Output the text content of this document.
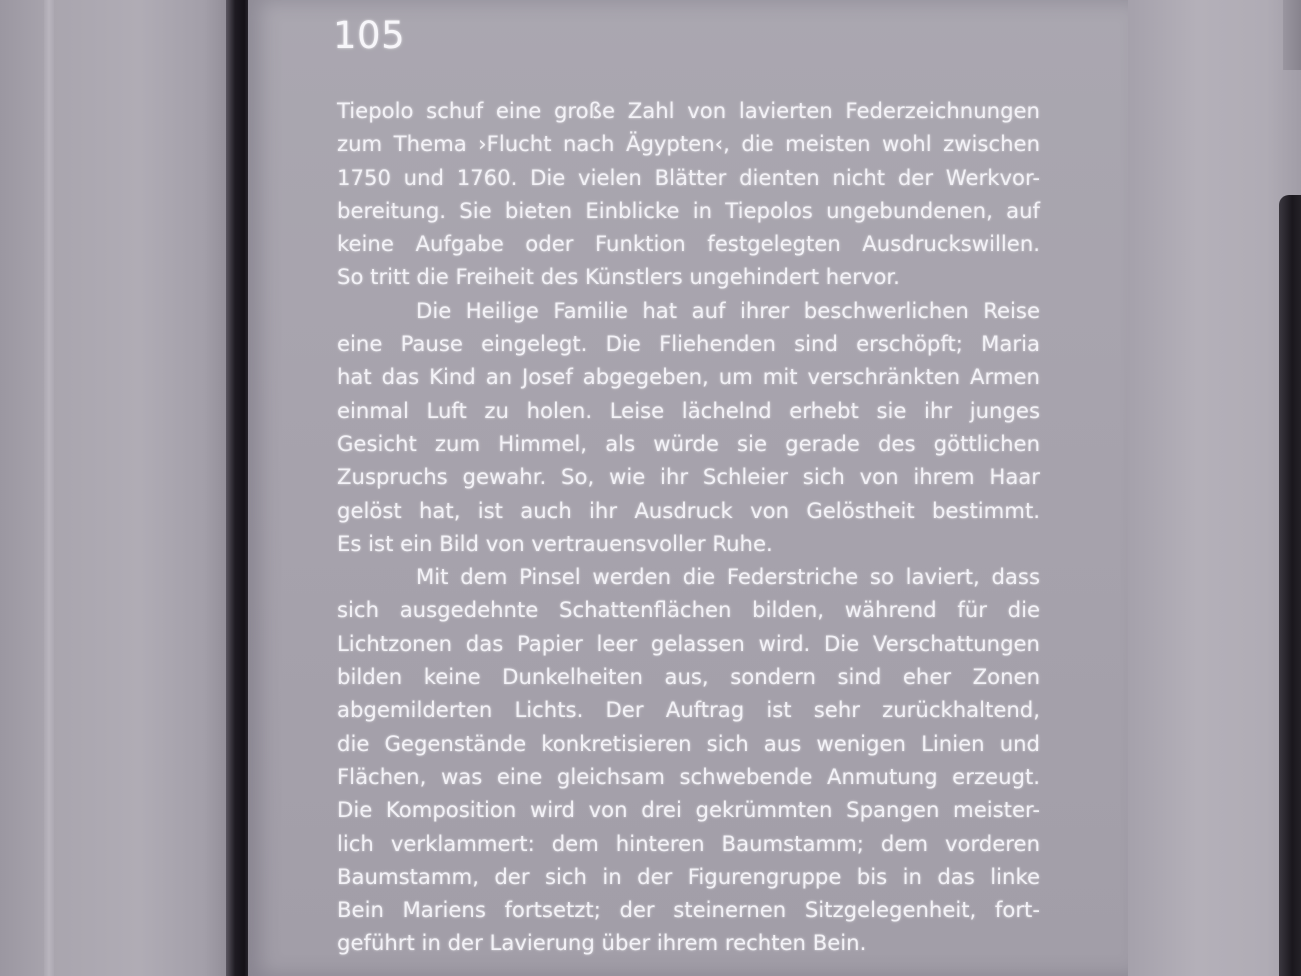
105
Tiepolo schuf eine große Zahl von lavierten Federzeichnungen
zum Thema ›Flucht nach Ägypten‹, die meisten wohl zwischen
1750 und 1760. Die vielen Blätter dienten nicht der Werkvor-
bereitung. Sie bieten Einblicke in Tiepolos ungebundenen, auf
keine Aufgabe oder Funktion festgelegten Ausdruckswillen.
So tritt die Freiheit des Künstlers ungehindert hervor.
Die Heilige Familie hat auf ihrer beschwerlichen Reise
eine Pause eingelegt. Die Fliehenden sind erschöpft; Maria
hat das Kind an Josef abgegeben, um mit verschränkten Armen
einmal Luft zu holen. Leise lächelnd erhebt sie ihr junges
Gesicht zum Himmel, als würde sie gerade des göttlichen
Zuspruchs gewahr. So, wie ihr Schleier sich von ihrem Haar
gelöst hat, ist auch ihr Ausdruck von Gelöstheit bestimmt.
Es ist ein Bild von vertrauensvoller Ruhe.
Mit dem Pinsel werden die Federstriche so laviert, dass
sich ausgedehnte Schattenflächen bilden, während für die
Lichtzonen das Papier leer gelassen wird. Die Verschattungen
bilden keine Dunkelheiten aus, sondern sind eher Zonen
abgemilderten Lichts. Der Auftrag ist sehr zurückhaltend,
die Gegenstände konkretisieren sich aus wenigen Linien und
Flächen, was eine gleichsam schwebende Anmutung erzeugt.
Die Komposition wird von drei gekrümmten Spangen meister-
lich verklammert: dem hinteren Baumstamm; dem vorderen
Baumstamm, der sich in der Figurengruppe bis in das linke
Bein Mariens fortsetzt; der steinernen Sitzgelegenheit, fort-
geführt in der Lavierung über ihrem rechten Bein.
